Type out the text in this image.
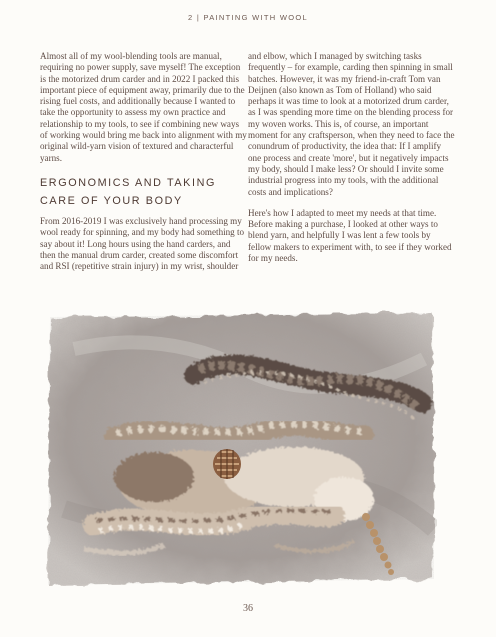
2 | PAINTING WITH WOOL

Almost all of my wool-blending tools are manual, requiring no power supply, save myself! The exception is the motorized drum carder and in 2022 I packed this important piece of equipment away, primarily due to the rising fuel costs, and additionally because I wanted to take the opportunity to assess my own practice and relationship to my tools, to see if combining new ways of working would bring me back into alignment with my original wild-yarn vision of textured and characterful yarns.

ERGONOMICS AND TAKING CARE OF YOUR BODY

From 2016-2019 I was exclusively hand processing my wool ready for spinning, and my body had something to say about it! Long hours using the hand carders, and then the manual drum carder, created some discomfort and RSI (repetitive strain injury) in my wrist, shoulder

and elbow, which I managed by switching tasks frequently – for example, carding then spinning in small batches. However, it was my friend-in-craft Tom van Deijnen (also known as Tom of Holland) who said perhaps it was time to look at a motorized drum carder, as I was spending more time on the blending process for my woven works. This is, of course, an important moment for any craftsperson, when they need to face the conundrum of productivity, the idea that: If I amplify one process and create 'more', but it negatively impacts my body, should I make less? Or should I invite some industrial progress into my tools, with the additional costs and implications?

Here's how I adapted to meet my needs at that time. Before making a purchase, I looked at other ways to blend yarn, and helpfully I was lent a few tools by fellow makers to experiment with, to see if they worked for my needs.

36
